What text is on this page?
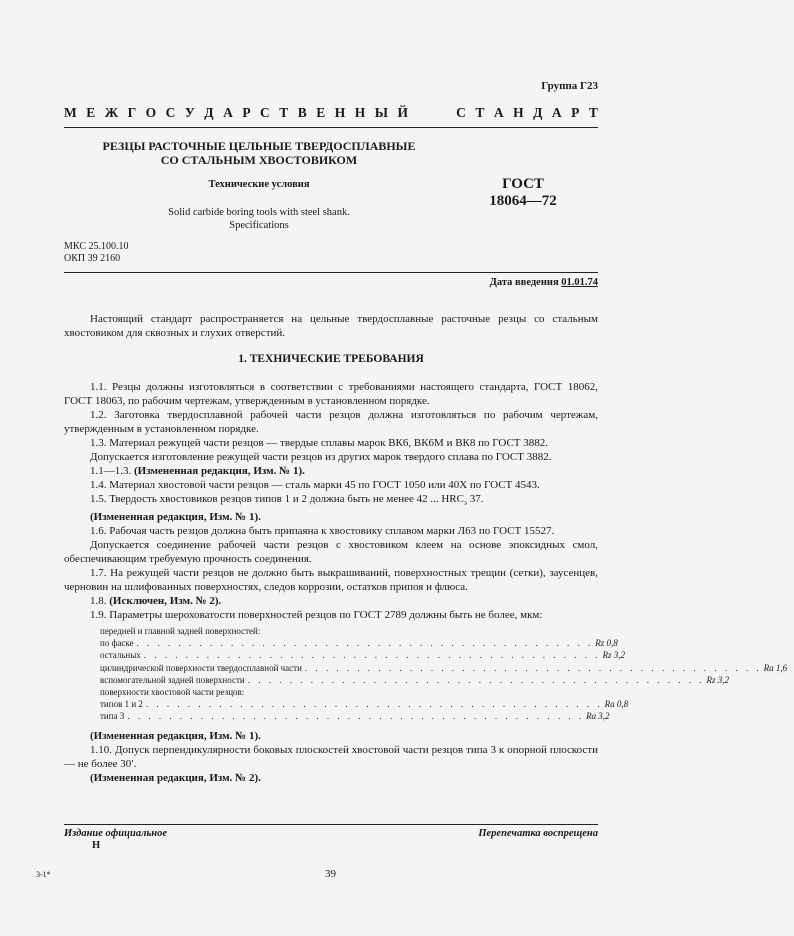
Группа Г23
М Е Ж Г О С У Д А Р С Т В Е Н Н Ы Й

	С Т А Н Д А Р Т
РЕЗЦЫ РАСТОЧНЫЕ ЦЕЛЬНЫЕ ТВЕРДОСПЛАВНЫЕ
СО СТАЛЬНЫМ ХВОСТОВИКОМ
Технические условия
Solid carbide boring tools with steel shank.
Specifications
ГОСТ
18064—72
МКС 25.100.10
ОКП 39 2160
Дата введения 01.01.74

Настоящий стандарт распространяется на цельные твердосплавные расточные резцы со стальным хвостовиком для сквозных и глухих отверстий.

1. ТЕХНИЧЕСКИЕ ТРЕБОВАНИЯ

1.1. Резцы должны изготовляться в соответствии с требованиями настоящего стандарта, ГОСТ 18062, ГОСТ 18063, по рабочим чертежам, утвержденным в установленном порядке.

1.2. Заготовка твердосплавной рабочей части резцов должна изготовляться по рабочим чертежам, утвержденным в установленном порядке.

1.3. Материал режущей части резцов — твердые сплавы марок ВК6, ВК6М и ВК8 по ГОСТ 3882.

Допускается изготовление режущей части резцов из других марок твердого сплава по ГОСТ 3882.

1.1—1.3. (Измененная редакция, Изм. № 1).

1.4. Материал хвостовой части резцов — сталь марки 45 по ГОСТ 1050 или 40Х по ГОСТ 4543.

1.5. Твердость хвостовиков резцов типов 1 и 2 должна быть не менее 42 ... $HRC_э$ 37.

(Измененная редакция, Изм. № 1).

1.6. Рабочая часть резцов должна быть припаяна к хвостовику сплавом марки Л63 по ГОСТ 15527.

Допускается соединение рабочей части резцов с хвостовиком клеем на основе эпоксидных смол, обеспечивающим требуемую прочность соединения.

1.7. На режущей части резцов не должно быть выкрашиваний, поверхностных трещин (сетки), заусенцев, черновин на шлифованных поверхностях, следов коррозии, остатков припоя и флюса.

1.8. (Исключен, Изм. № 2).

1.9. Параметры шероховатости поверхностей резцов по ГОСТ 2789 должны быть не более, мкм:

передней и главной задней поверхностей:
по фаске . . . . . . . . . . . . . . . . . . . . . . . . . . . . . . . . . . . . . . . . . . . . Rz 0,8
остальных . . . . . . . . . . . . . . . . . . . . . . . . . . . . . . . . . . . . . . . . . . . . Rz 3,2
цилиндрической поверхности твердосплавной части . . . . . . . . . . . . . . . . . . . . . . . . . . . . . . . . . . . . . . . . . . . . Ra 1,6
вспомогательной задней поверхности . . . . . . . . . . . . . . . . . . . . . . . . . . . . . . . . . . . . . . . . . . . . Rz 3,2
поверхности хвостовой части резцов:
типов 1 и 2 . . . . . . . . . . . . . . . . . . . . . . . . . . . . . . . . . . . . . . . . . . . . Ra 0,8
типа 3 . . . . . . . . . . . . . . . . . . . . . . . . . . . . . . . . . . . . . . . . . . . . Ra 3,2

(Измененная редакция, Изм. № 1).

1.10. Допуск перпендикулярности боковых плоскостей хвостовой части резцов типа 3 к опорной плоскости — не более 30′.

(Измененная редакция, Изм. № 2).

Издание официальное
Н
Перепечатка воспрещена
3-1*	39
